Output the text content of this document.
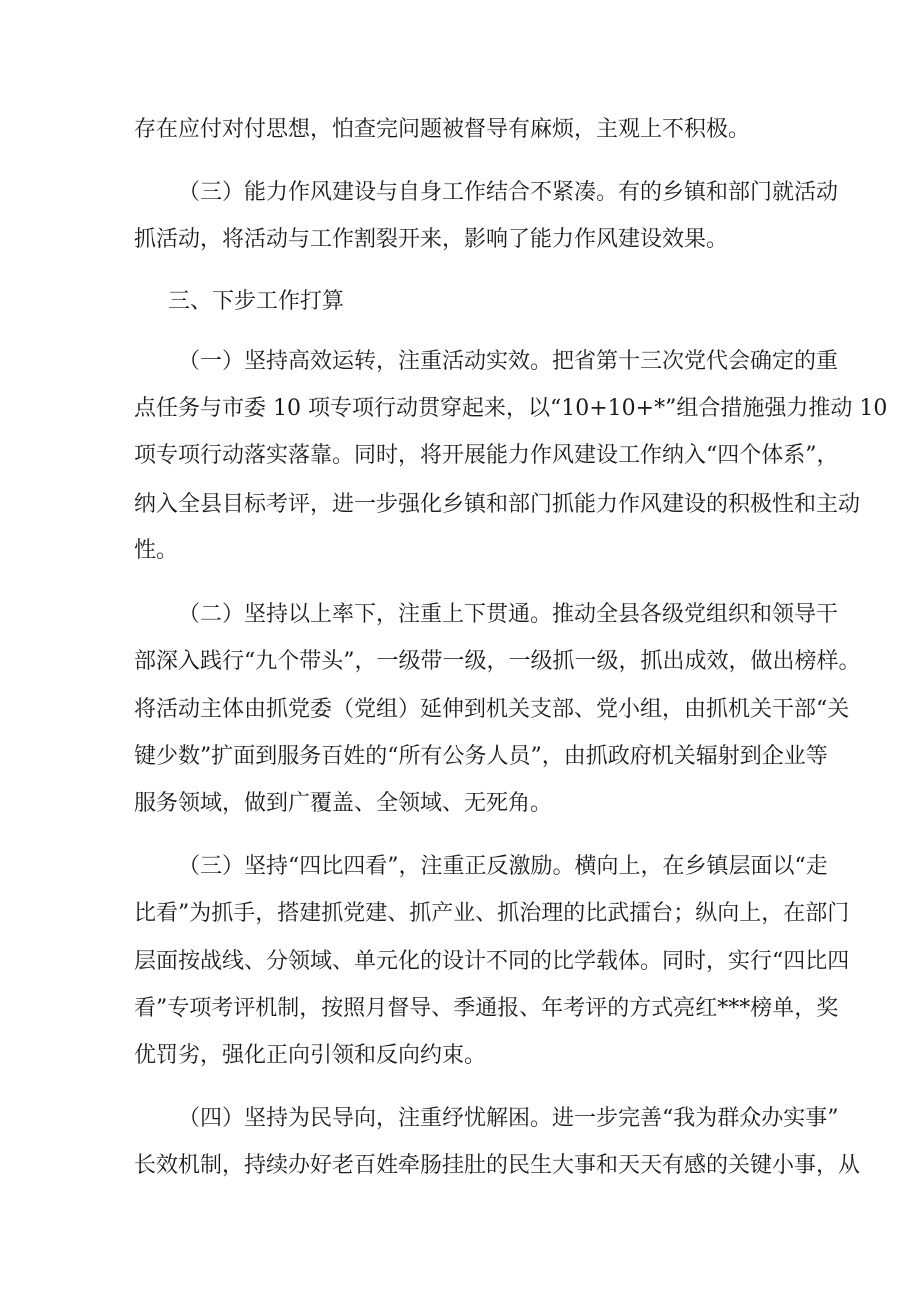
存在应付对付思想，怕查完问题被督导有麻烦，主观上不积极。
（三）能力作风建设与自身工作结合不紧凑。有的乡镇和部门就活动
抓活动，将活动与工作割裂开来，影响了能力作风建设效果。
三、下步工作打算
（一）坚持高效运转，注重活动实效。把省第十三次党代会确定的重
点任务与市委 10 项专项行动贯穿起来，以“10+10+*”组合措施强力推动 10
项专项行动落实落靠。同时，将开展能力作风建设工作纳入“四个体系”，
纳入全县目标考评，进一步强化乡镇和部门抓能力作风建设的积极性和主动
性。
（二）坚持以上率下，注重上下贯通。推动全县各级党组织和领导干
部深入践行“九个带头”，一级带一级，一级抓一级，抓出成效，做出榜样。
将活动主体由抓党委（党组）延伸到机关支部、党小组，由抓机关干部“关
键少数”扩面到服务百姓的“所有公务人员”，由抓政府机关辐射到企业等
服务领域，做到广覆盖、全领域、无死角。
（三）坚持“四比四看”，注重正反激励。横向上，在乡镇层面以“走
比看”为抓手，搭建抓党建、抓产业、抓治理的比武擂台；纵向上，在部门
层面按战线、分领域、单元化的设计不同的比学载体。同时，实行“四比四
看”专项考评机制，按照月督导、季通报、年考评的方式亮红***榜单，奖
优罚劣，强化正向引领和反向约束。
（四）坚持为民导向，注重纾忧解困。进一步完善“我为群众办实事”
长效机制，持续办好老百姓牵肠挂肚的民生大事和天天有感的关键小事，从
